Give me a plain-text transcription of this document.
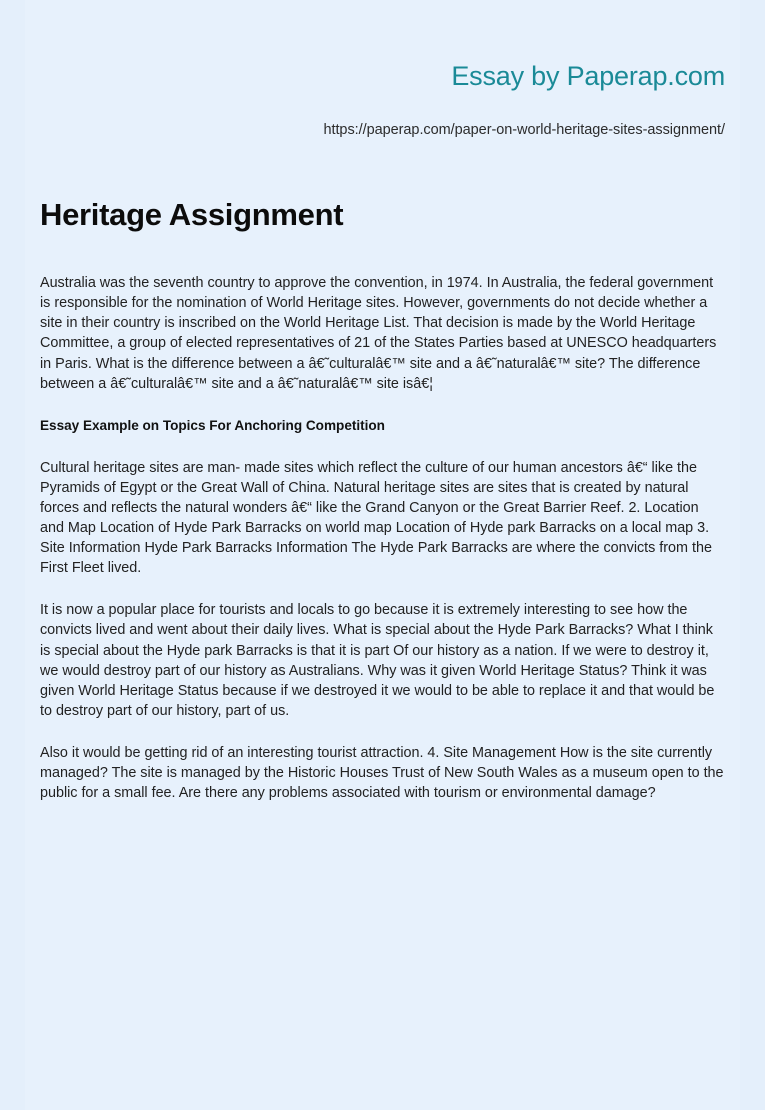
Essay by Paperap.com
https://paperap.com/paper-on-world-heritage-sites-assignment/
Heritage Assignment

Australia was the seventh country to approve the convention, in 1974. In Australia, the federal government is responsible for the nomination of World Heritage sites. However, governments do not decide whether a site in their country is inscribed on the World Heritage List. That decision is made by the World Heritage Committee, a group of elected representatives of 21 of the States Parties based at UNESCO headquarters in Paris. What is the difference between a â€˜culturalâ€™ site and a â€˜naturalâ€™ site? The difference between a â€˜culturalâ€™ site and a â€˜naturalâ€™ site isâ€¦

Essay Example on Topics For Anchoring Competition

Cultural heritage sites are man- made sites which reflect the culture of our human ancestors â€“ like the Pyramids of Egypt or the Great Wall of China. Natural heritage sites are sites that is created by natural forces and reflects the natural wonders â€“ like the Grand Canyon or the Great Barrier Reef. 2. Location and Map Location of Hyde Park Barracks on world map Location of Hyde park Barracks on a local map 3. Site Information Hyde Park Barracks Information The Hyde Park Barracks are where the convicts from the First Fleet lived.

It is now a popular place for tourists and locals to go because it is extremely interesting to see how the convicts lived and went about their daily lives. What is special about the Hyde Park Barracks? What I think is special about the Hyde park Barracks is that it is part Of our history as a nation. If we were to destroy it, we would destroy part of our history as Australians. Why was it given World Heritage Status? Think it was given World Heritage Status because if we destroyed it we would to be able to replace it and that would be to destroy part of our history, part of us.

Also it would be getting rid of an interesting tourist attraction. 4. Site Management How is the site currently managed? The site is managed by the Historic Houses Trust of New South Wales as a museum open to the public for a small fee. Are there any problems associated with tourism or environmental damage?
